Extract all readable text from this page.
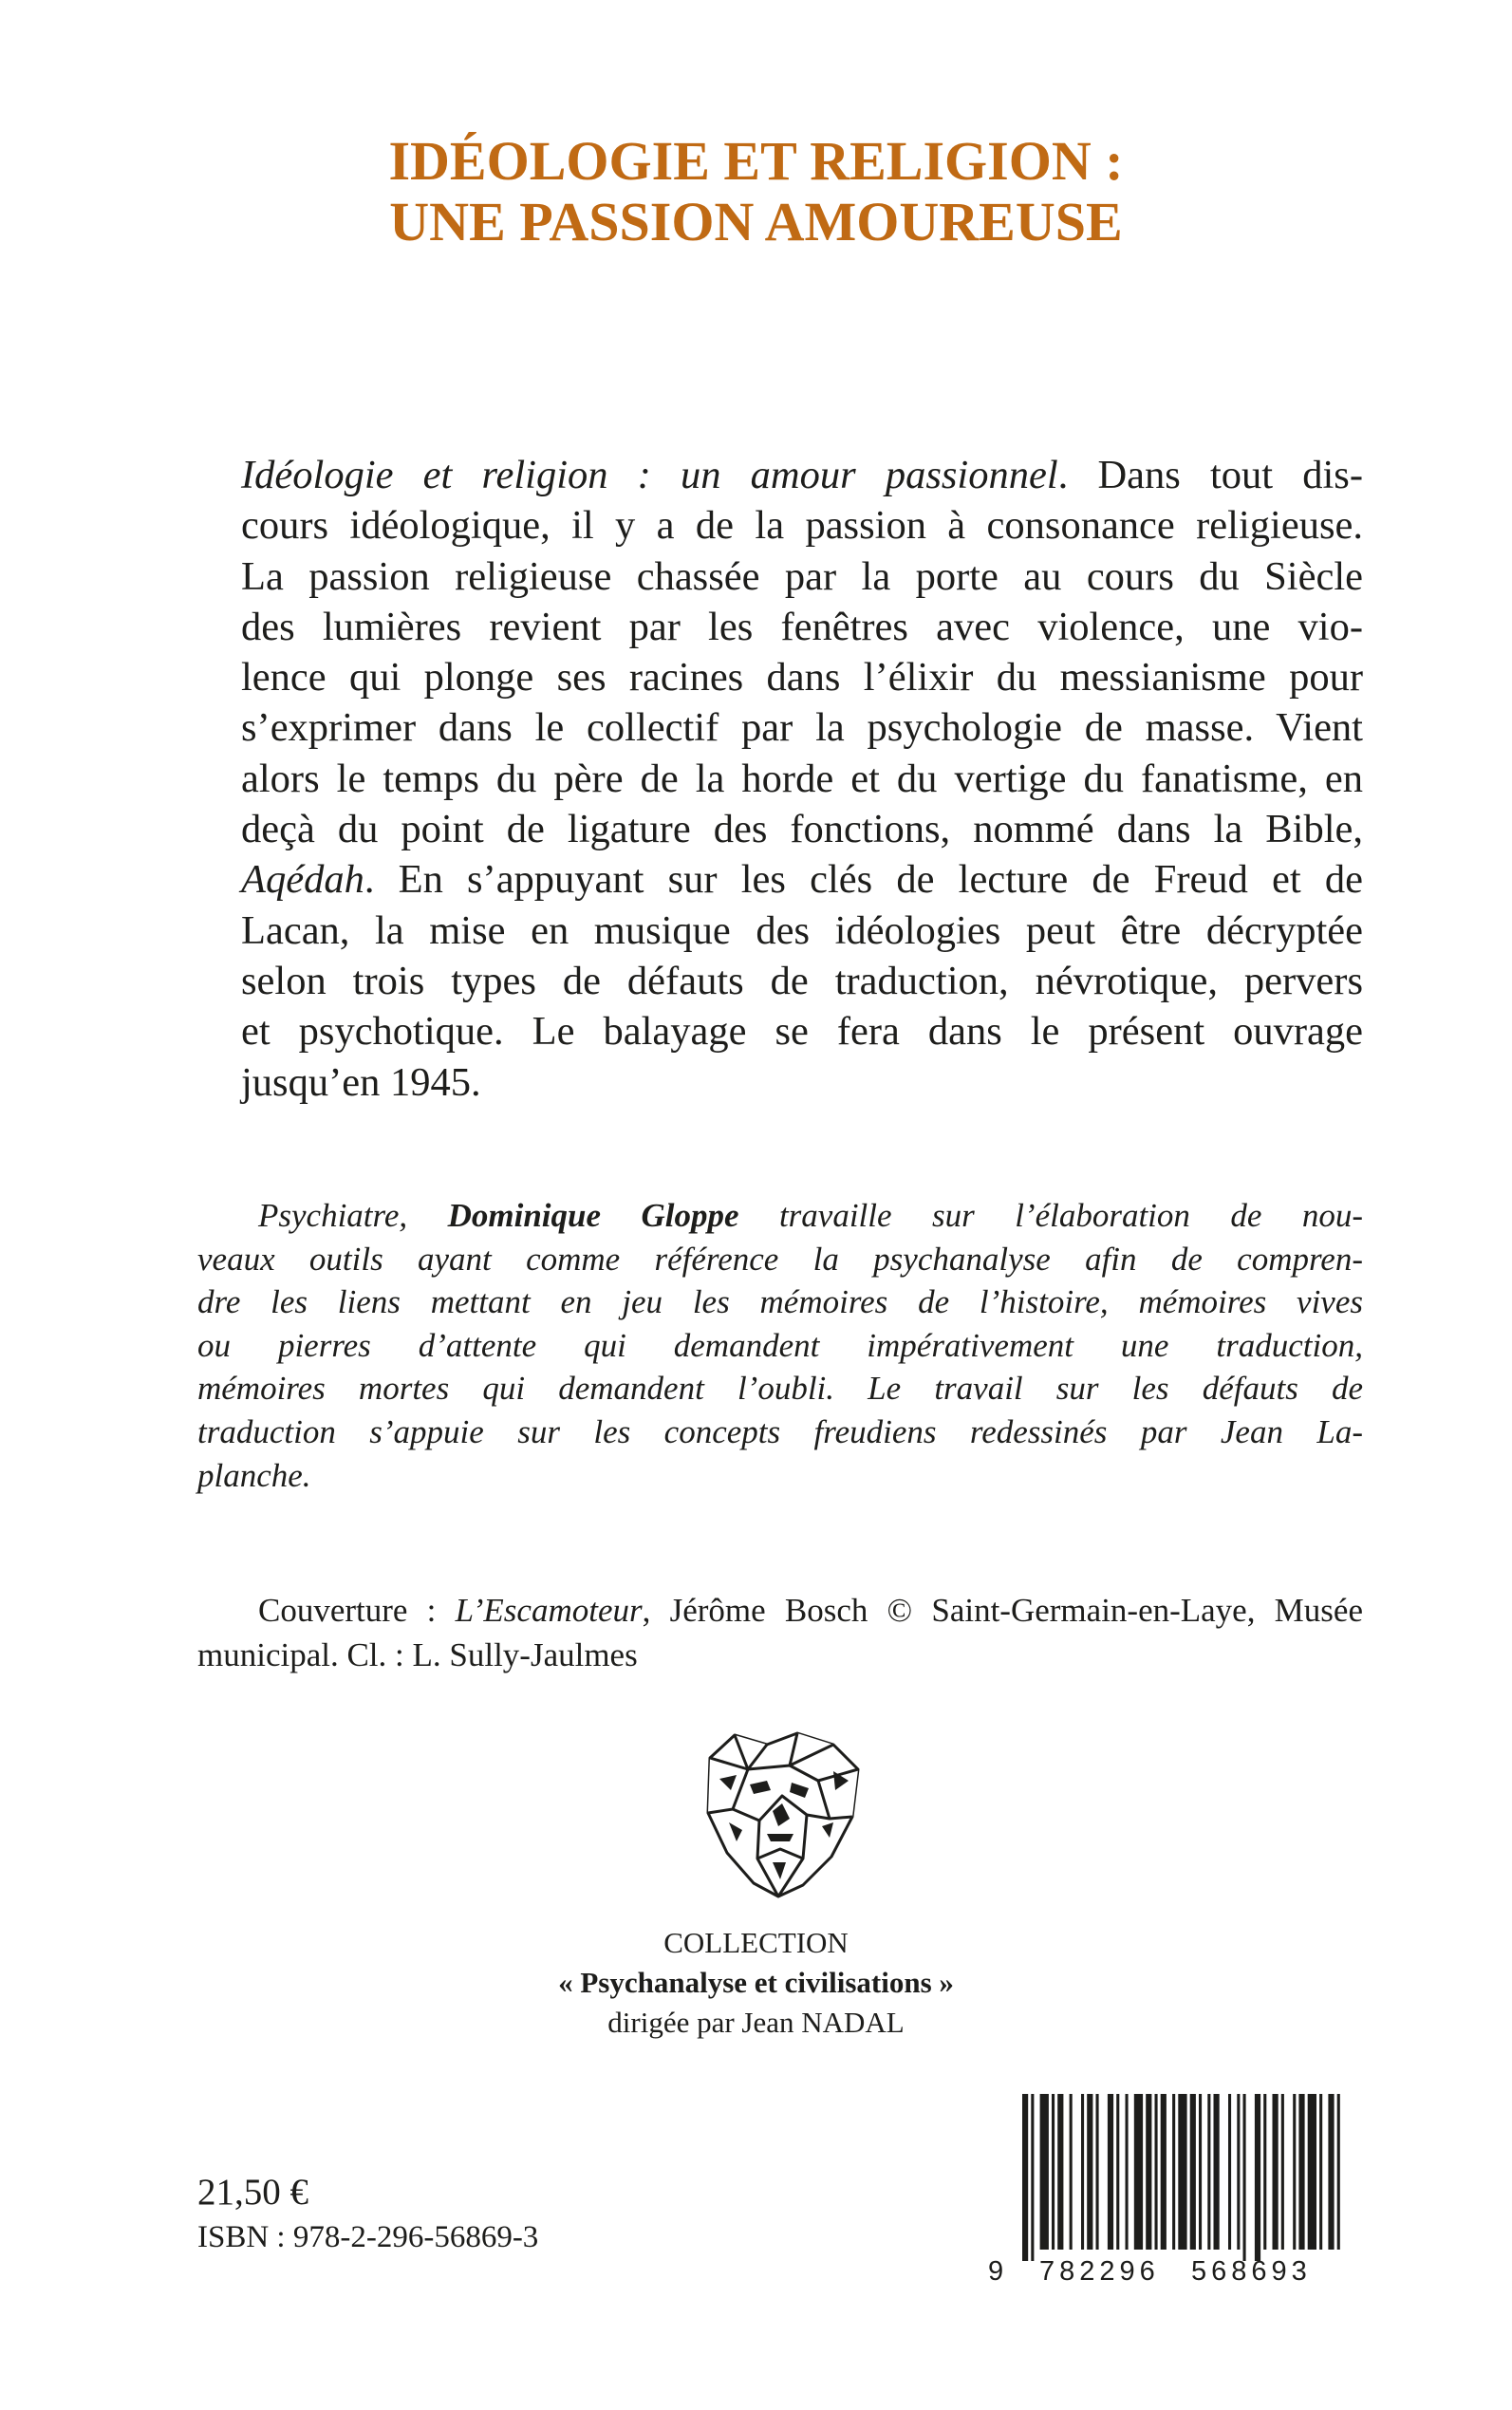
IDÉOLOGIE ET RELIGION :
UNE PASSION AMOUREUSE
Idéologie et religion : un amour passionnel. Dans tout dis-
cours idéologique, il y a de la passion à consonance religieuse.
La passion religieuse chassée par la porte au cours du Siècle
des lumières revient par les fenêtres avec violence, une vio-
lence qui plonge ses racines dans l’élixir du messianisme pour
s’exprimer dans le collectif par la psychologie de masse. Vient
alors le temps du père de la horde et du vertige du fanatisme, en
deçà du point de ligature des fonctions, nommé dans la Bible,
Aqédah. En s’appuyant sur les clés de lecture de Freud et de
Lacan, la mise en musique des idéologies peut être décryptée
selon trois types de défauts de traduction, névrotique, pervers
et psychotique. Le balayage se fera dans le présent ouvrage
jusqu’en 1945.
Psychiatre, Dominique Gloppe travaille sur l’élaboration de nou-
veaux outils ayant comme référence la psychanalyse afin de compren-
dre les liens mettant en jeu les mémoires de l’histoire, mémoires vives
ou pierres d’attente qui demandent impérativement une traduction,
mémoires mortes qui demandent l’oubli. Le travail sur les défauts de
traduction s’appuie sur les concepts freudiens redessinés par Jean La-
planche.
Couverture : L’Escamoteur, Jérôme Bosch © Saint-Germain-en-Laye, Musée
municipal. Cl. : L. Sully-Jaulmes
COLLECTION
« Psychanalyse et civilisations »
dirigée par Jean NADAL
21,50 €
ISBN : 978-2-296-56869-3
9 782296 568693
